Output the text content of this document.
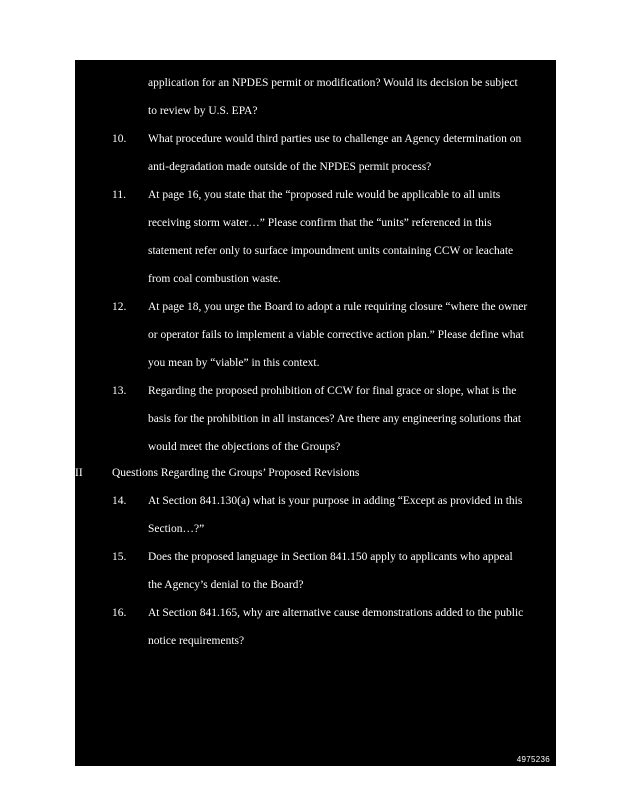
application for an NPDES permit or modification? Would its decision be subject
to review by U.S. EPA?
10. What procedure would third parties use to challenge an Agency determination on
anti-degradation made outside of the NPDES permit process?
11. At page 16, you state that the “proposed rule would be applicable to all units
receiving storm water…” Please confirm that the “units” referenced in this
statement refer only to surface impoundment units containing CCW or leachate
from coal combustion waste.
12. At page 18, you urge the Board to adopt a rule requiring closure “where the owner
or operator fails to implement a viable corrective action plan.” Please define what
you mean by “viable” in this context.
13. Regarding the proposed prohibition of CCW for final grace or slope, what is the
basis for the prohibition in all instances? Are there any engineering solutions that
would meet the objections of the Groups?
II	Questions Regarding the Groups’ Proposed Revisions
14. At Section 841.130(a) what is your purpose in adding “Except as provided in this
Section…?”
15. Does the proposed language in Section 841.150 apply to applicants who appeal
the Agency’s denial to the Board?
16. At Section 841.165, why are alternative cause demonstrations added to the public
notice requirements?
4975236
